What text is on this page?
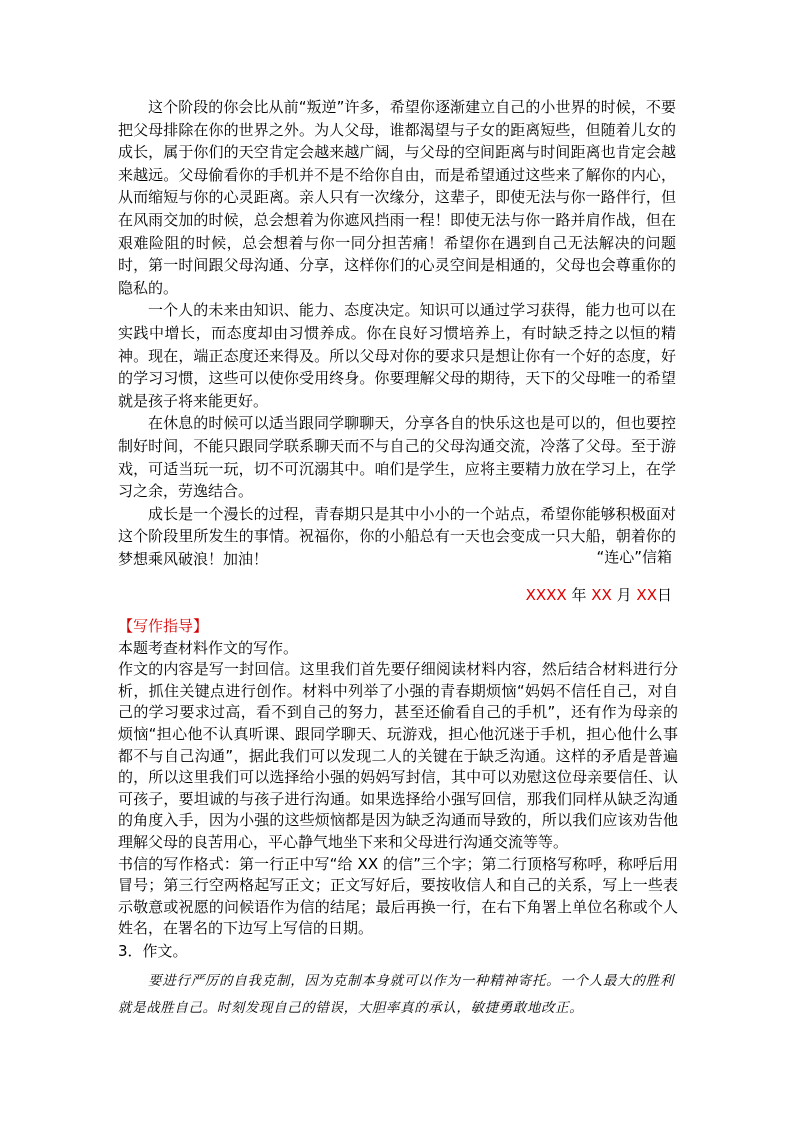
这个阶段的你会比从前“叛逆”许多，希望你逐渐建立自己的小世界的时候，不要把父母排除在你的世界之外。为人父母，谁都渴望与子女的距离短些，但随着儿女的成长，属于你们的天空肯定会越来越广阔，与父母的空间距离与时间距离也肯定会越来越远。父母偷看你的手机并不是不给你自由，而是希望通过这些来了解你的内心，从而缩短与你的心灵距离。亲人只有一次缘分，这辈子，即使无法与你一路伴行，但在风雨交加的时候，总会想着为你遮风挡雨一程！即使无法与你一路并肩作战，但在艰难险阻的时候，总会想着与你一同分担苦痛！希望你在遇到自己无法解决的问题时，第一时间跟父母沟通、分享，这样你们的心灵空间是相通的，父母也会尊重你的隐私的。

一个人的未来由知识、能力、态度决定。知识可以通过学习获得，能力也可以在实践中增长，而态度却由习惯养成。你在良好习惯培养上，有时缺乏持之以恒的精神。现在，端正态度还来得及。所以父母对你的要求只是想让你有一个好的态度，好的学习习惯，这些可以使你受用终身。你要理解父母的期待，天下的父母唯一的希望就是孩子将来能更好。

在休息的时候可以适当跟同学聊聊天，分享各自的快乐这也是可以的，但也要控制好时间，不能只跟同学联系聊天而不与自己的父母沟通交流，冷落了父母。至于游戏，可适当玩一玩，切不可沉溺其中。咱们是学生，应将主要精力放在学习上，在学习之余，劳逸结合。

成长是一个漫长的过程，青春期只是其中小小的一个站点，希望你能够积极面对这个阶段里所发生的事情。祝福你，你的小船总有一天也会变成一只大船，朝着你的梦想乘风破浪！加油！	“连心”信箱
XXXX 年 XX 月 XX日

【写作指导】

本题考查材料作文的写作。

作文的内容是写一封回信。这里我们首先要仔细阅读材料内容，然后结合材料进行分析，抓住关键点进行创作。材料中列举了小强的青春期烦恼“妈妈不信任自己，对自己的学习要求过高，看不到自己的努力，甚至还偷看自己的手机”，还有作为母亲的烦恼“担心他不认真听课、跟同学聊天、玩游戏，担心他沉迷于手机，担心他什么事都不与自己沟通”，据此我们可以发现二人的关键在于缺乏沟通。这样的矛盾是普遍的，所以这里我们可以选择给小强的妈妈写封信，其中可以劝慰这位母亲要信任、认可孩子，要坦诚的与孩子进行沟通。如果选择给小强写回信，那我们同样从缺乏沟通的角度入手，因为小强的这些烦恼都是因为缺乏沟通而导致的，所以我们应该劝告他理解父母的良苦用心，平心静气地坐下来和父母进行沟通交流等等。

书信的写作格式：第一行正中写“给 XX 的信”三个字；第二行顶格写称呼，称呼后用冒号；第三行空两格起写正文；正文写好后，要按收信人和自己的关系，写上一些表示敬意或祝愿的问候语作为信的结尾；最后再换一行，在右下角署上单位名称或个人姓名，在署名的下边写上写信的日期。

3．作文。

要进行严厉的自我克制，因为克制本身就可以作为一种精神寄托。一个人最大的胜利就是战胜自己。时刻发现自己的错误，大胆率真的承认，敏捷勇敢地改正。
